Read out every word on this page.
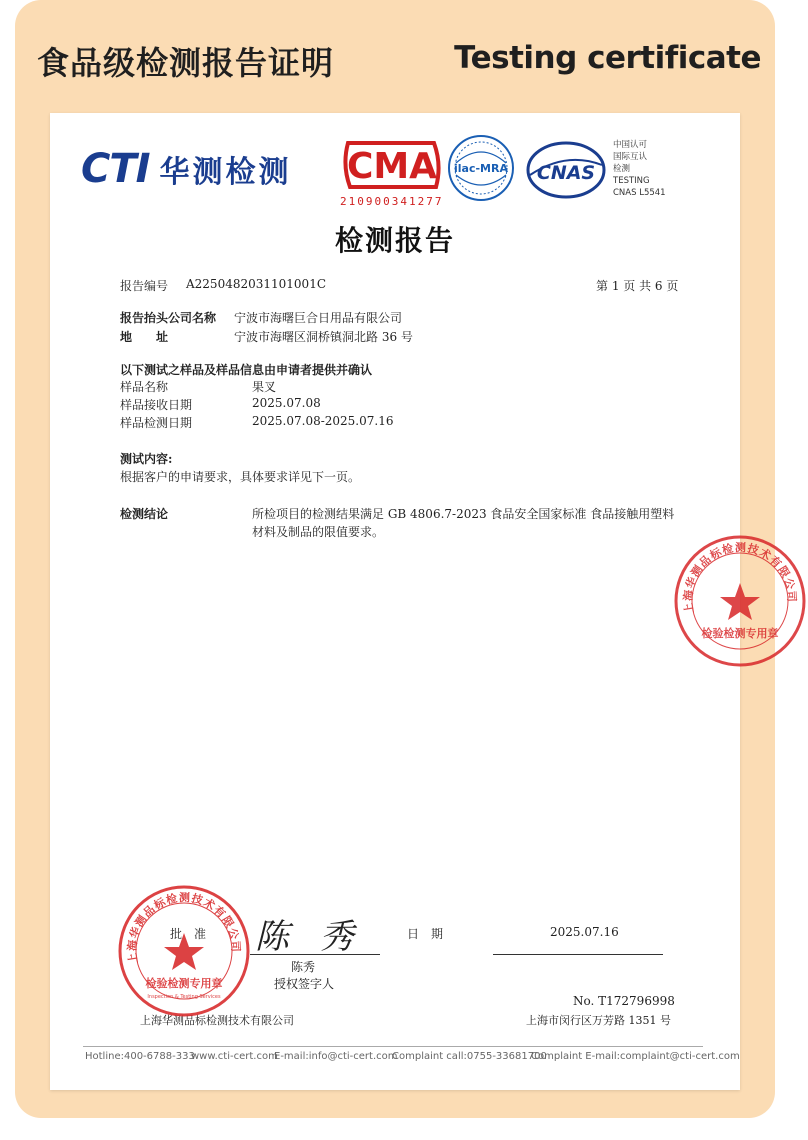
食品级检测报告证明	Testing certificate
CTI 华测检测 CMA
210900341277
ilac-MRA CNAS
中国认可
国际互认
检测
TESTING
CNAS L5541
检测报告
报告编号 A2250482031101001C	第 1 页 共 6 页
报告抬头公司名称 宁波市海曙巨合日用品有限公司
地　　址	宁波市海曙区洞桥镇洞北路 36 号
以下测试之样品及样品信息由申请者提供并确认
样品名称	果叉
样品接收日期	2025.07.08
样品检测日期	2025.07.08-2025.07.16
测试内容:
根据客户的申请要求，具体要求详见下一页。
检测结论	所检项目的检测结果满足 GB 4806.7-2023 食品安全国家标准 食品接触用塑料
材料及制品的限值要求。
批　准 陈 秀	日　期	2025.07.16
陈秀
授权签字人
No. T172796998
上海华测品标检测技术有限公司	上海市闵行区万芳路 1351 号
检验检测专用章
Inspection & Testing Services
上海华测品标检测技术有限公司
上海华测品标检测技术有限公司
检验检测专用章
Hotline:400-6788-333
www.cti-cert.com
E-mail:info@cti-cert.com
Complaint call:0755-33681700
Complaint E-mail:complaint@cti-cert.com
